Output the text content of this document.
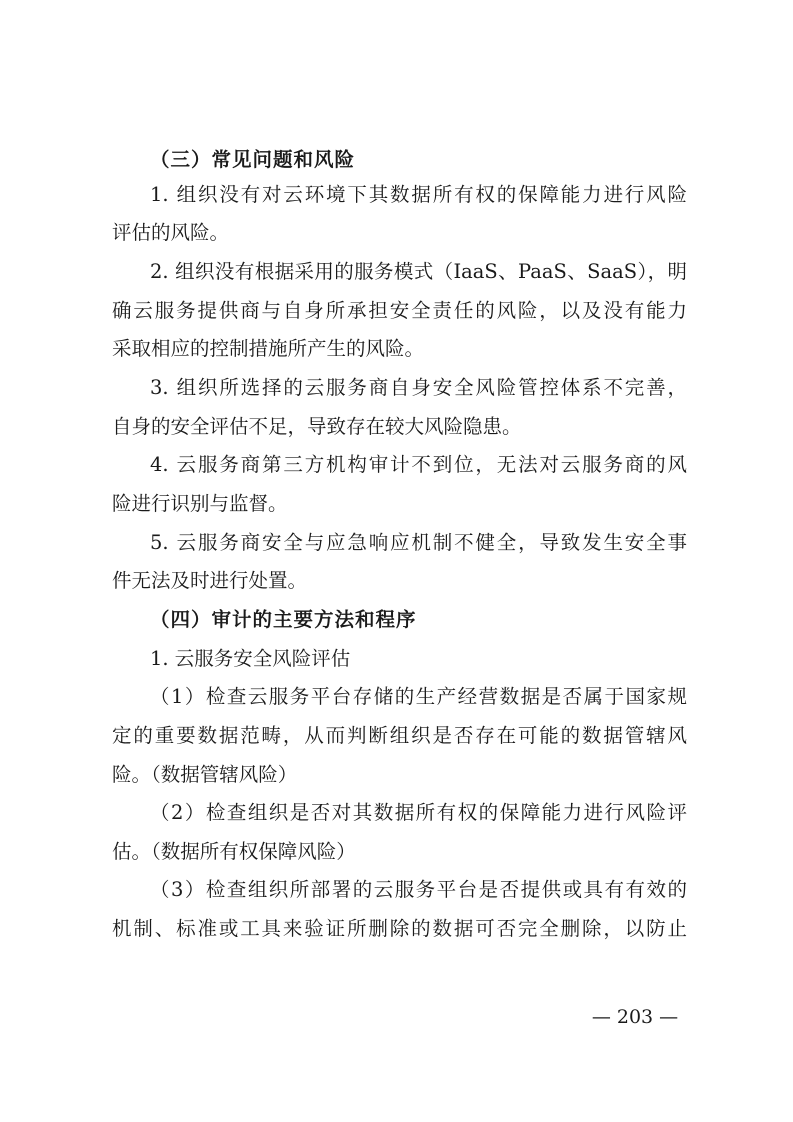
（三）常见问题和风险
1. 组织没有对云环境下其数据所有权的保障能力进行风险
评估的风险。
2. 组织没有根据采用的服务模式（IaaS、PaaS、SaaS），明
确云服务提供商与自身所承担安全责任的风险，以及没有能力
采取相应的控制措施所产生的风险。
3. 组织所选择的云服务商自身安全风险管控体系不完善，
自身的安全评估不足，导致存在较大风险隐患。
4. 云服务商第三方机构审计不到位，无法对云服务商的风
险进行识别与监督。
5. 云服务商安全与应急响应机制不健全，导致发生安全事
件无法及时进行处置。
（四）审计的主要方法和程序
1. 云服务安全风险评估
（1）检查云服务平台存储的生产经营数据是否属于国家规
定的重要数据范畴，从而判断组织是否存在可能的数据管辖风
险。（数据管辖风险）
（2）检查组织是否对其数据所有权的保障能力进行风险评
估。（数据所有权保障风险）
（3）检查组织所部署的云服务平台是否提供或具有有效的
机制、标准或工具来验证所删除的数据可否完全删除，以防止
— 203 —
